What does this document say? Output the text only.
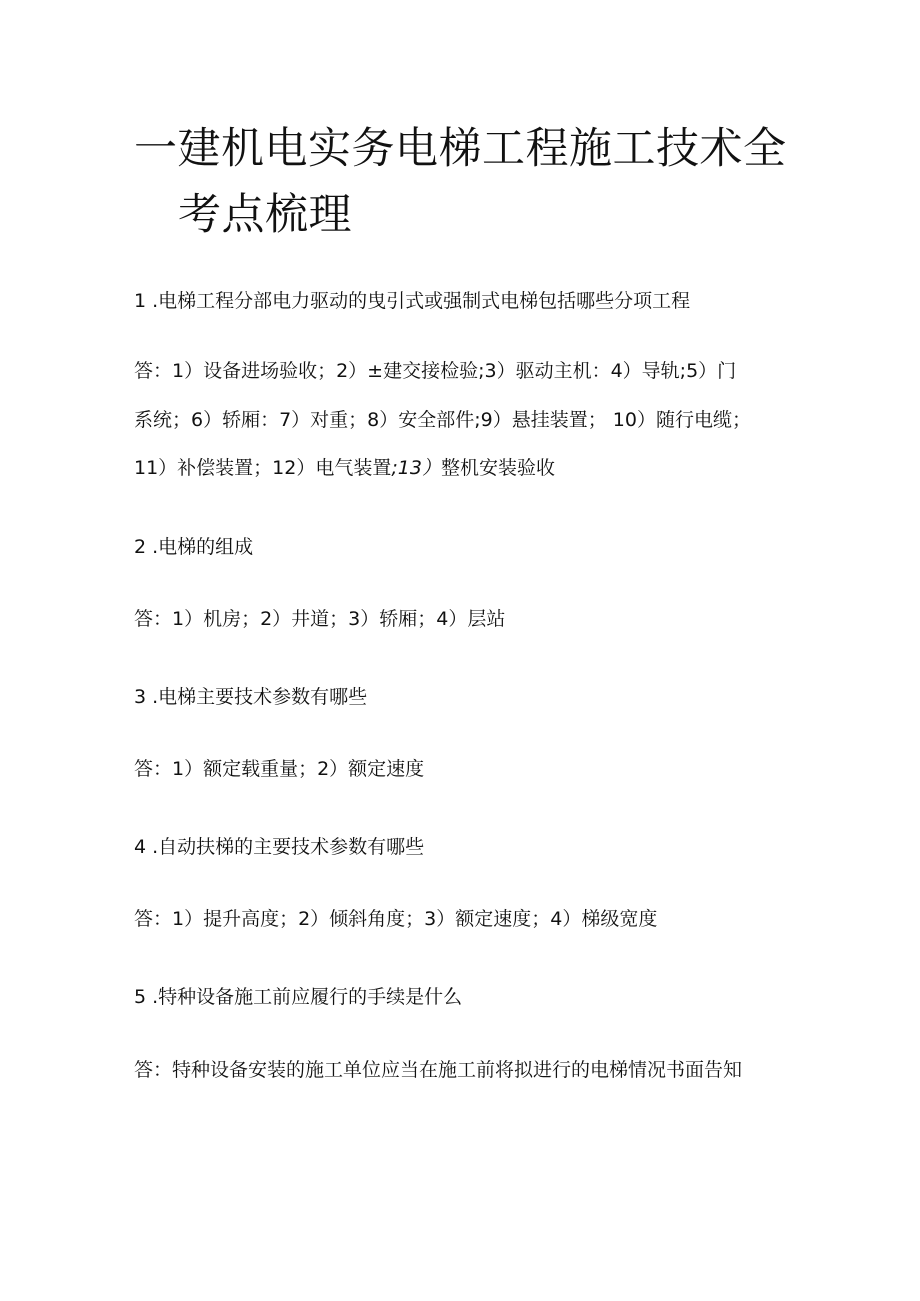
一建机电实务电梯工程施工技术全
考点梳理

1 .电梯工程分部电力驱动的曳引式或强制式电梯包括哪些分项工程

答：1）设备进场验收；2）±建交接检验;3）驱动主机：4）导轨;5）门

系统；6）轿厢：7）对重；8）安全部件;9）悬挂装置； 10）随行电缆；

11）补偿装置；12）电气装置;13）整机安装验收

2 .电梯的组成

答：1）机房；2）井道；3）轿厢；4）层站

3 .电梯主要技术参数有哪些

答：1）额定载重量；2）额定速度

4 .自动扶梯的主要技术参数有哪些

答：1）提升高度；2）倾斜角度；3）额定速度；4）梯级宽度

5 .特种设备施工前应履行的手续是什么

答：特种设备安装的施工单位应当在施工前将拟进行的电梯情况书面告知
